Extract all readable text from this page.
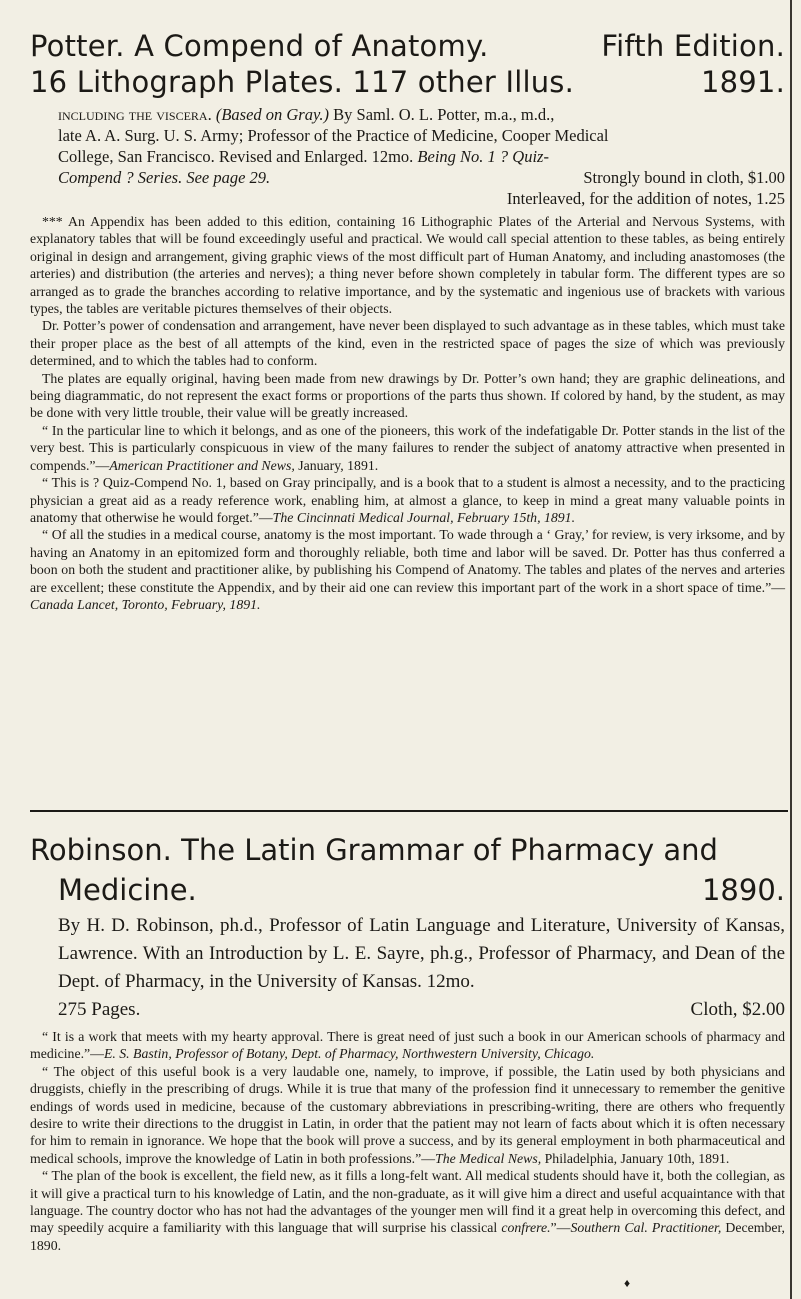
Potter. A Compend of Anatomy.	Fifth Edition.

16 Lithograph Plates. 117 other Illus.	1891.

including the viscera. (Based on Gray.) By Saml. O. L. Potter, m.a., m.d.,
late A. A. Surg. U. S. Army; Professor of the Practice of Medicine, Cooper Medical
College, San Francisco. Revised and Enlarged. 12mo. Being No. 1 ? Quiz-
Compend ? Series. See page 29.	Strongly bound in cloth, $1.00
Interleaved, for the addition of notes, 1.25

*** An Appendix has been added to this edition, containing 16 Lithographic Plates of the Arterial and Nervous Systems, with explanatory tables that will be found exceedingly useful and practical. We would call special attention to these tables, as being entirely original in design and arrangement, giving graphic views of the most difficult part of Human Anatomy, and including anastomoses (the arteries) and distribution (the arteries and nerves); a thing never before shown completely in tabular form. The different types are so arranged as to grade the branches according to relative importance, and by the systematic and ingenious use of brackets with various types, the tables are veritable pictures themselves of their objects.

Dr. Potter’s power of condensation and arrangement, have never been displayed to such advantage as in these tables, which must take their proper place as the best of all attempts of the kind, even in the restricted space of pages the size of which was previously determined, and to which the tables had to conform.

The plates are equally original, having been made from new drawings by Dr. Potter’s own hand; they are graphic delineations, and being diagrammatic, do not represent the exact forms or proportions of the parts thus shown. If colored by hand, by the student, as may be done with very little trouble, their value will be greatly increased.

“ In the particular line to which it belongs, and as one of the pioneers, this work of the indefatigable Dr. Potter stands in the list of the very best. This is particularly conspicuous in view of the many failures to render the subject of anatomy attractive when presented in compends.”—American Practitioner and News, January, 1891.

“ This is ? Quiz-Compend No. 1, based on Gray principally, and is a book that to a student is almost a necessity, and to the practicing physician a great aid as a ready reference work, enabling him, at almost a glance, to keep in mind a great many valuable points in anatomy that otherwise he would forget.”—The Cincinnati Medical Journal, February 15th, 1891.

“ Of all the studies in a medical course, anatomy is the most important. To wade through a ‘ Gray,’ for review, is very irksome, and by having an Anatomy in an epitomized form and thoroughly reliable, both time and labor will be saved. Dr. Potter has thus conferred a boon on both the student and practitioner alike, by publishing his Compend of Anatomy. The tables and plates of the nerves and arteries are excellent; these constitute the Appendix, and by their aid one can review this important part of the work in a short space of time.”—Canada Lancet, Toronto, February, 1891.

Robinson. The Latin Grammar of Pharmacy and

Medicine.	1890.

By H. D. Robinson, ph.d., Professor of Latin Language and Literature, University of Kansas, Lawrence. With an Introduction by L. E. Sayre, ph.g., Professor of Pharmacy, and Dean of the Dept. of Pharmacy, in the University of Kansas. 12mo.
275 Pages.	Cloth, $2.00

“ It is a work that meets with my hearty approval. There is great need of just such a book in our American schools of pharmacy and medicine.”—E. S. Bastin, Professor of Botany, Dept. of Pharmacy, Northwestern University, Chicago.

“ The object of this useful book is a very laudable one, namely, to improve, if possible, the Latin used by both physicians and druggists, chiefly in the prescribing of drugs. While it is true that many of the profession find it unnecessary to remember the genitive endings of words used in medicine, because of the customary abbreviations in prescribing-writing, there are others who frequently desire to write their directions to the druggist in Latin, in order that the patient may not learn of facts about which it is often necessary for him to remain in ignorance. We hope that the book will prove a success, and by its general employment in both pharmaceutical and medical schools, improve the knowledge of Latin in both professions.”—The Medical News, Philadelphia, January 10th, 1891.

“ The plan of the book is excellent, the field new, as it fills a long-felt want. All medical students should have it, both the collegian, as it will give a practical turn to his knowledge of Latin, and the non-graduate, as it will give him a direct and useful acquaintance with that language. The country doctor who has not had the advantages of the younger men will find it a great help in overcoming this defect, and may speedily acquire a familiarity with this language that will surprise his classical confrere.”—Southern Cal. Practitioner, December, 1890.

♦
